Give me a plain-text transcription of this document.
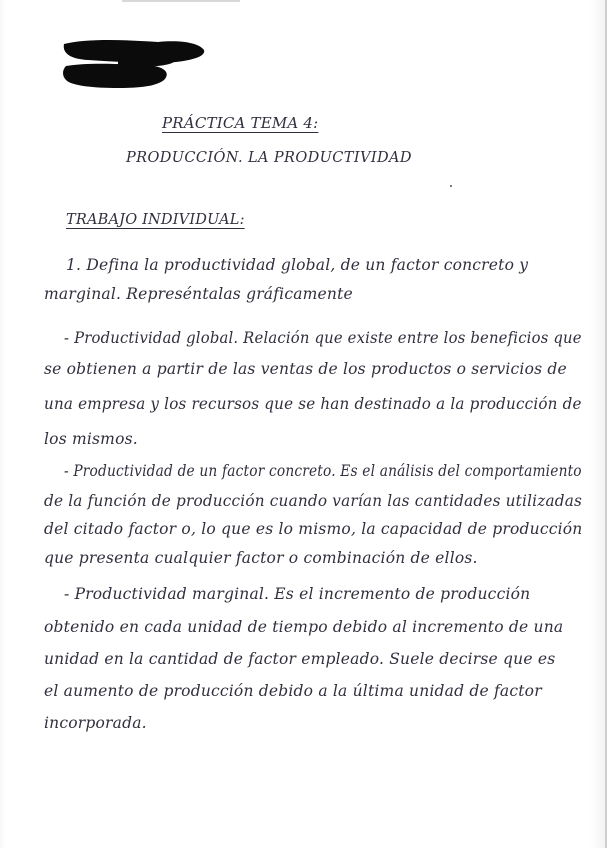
PRÁCTICA TEMA 4:

PRODUCCIÓN. LA PRODUCTIVIDAD

TRABAJO INDIVIDUAL:

1. Defina la productividad global, de un factor concreto y

marginal. Represéntalas gráficamente

- Productividad global. Relación que existe entre los beneficios que

se obtienen a partir de las ventas de los productos o servicios de

una empresa y los recursos que se han destinado a la producción de

los mismos.

- Productividad de un factor concreto. Es el análisis del comportamiento

de la función de producción cuando varían las cantidades utilizadas

del citado factor o, lo que es lo mismo, la capacidad de producción

que presenta cualquier factor o combinación de ellos.

- Productividad marginal. Es el incremento de producción

obtenido en cada unidad de tiempo debido al incremento de una

unidad en la cantidad de factor empleado. Suele decirse que es

el aumento de producción debido a la última unidad de factor

incorporada.
